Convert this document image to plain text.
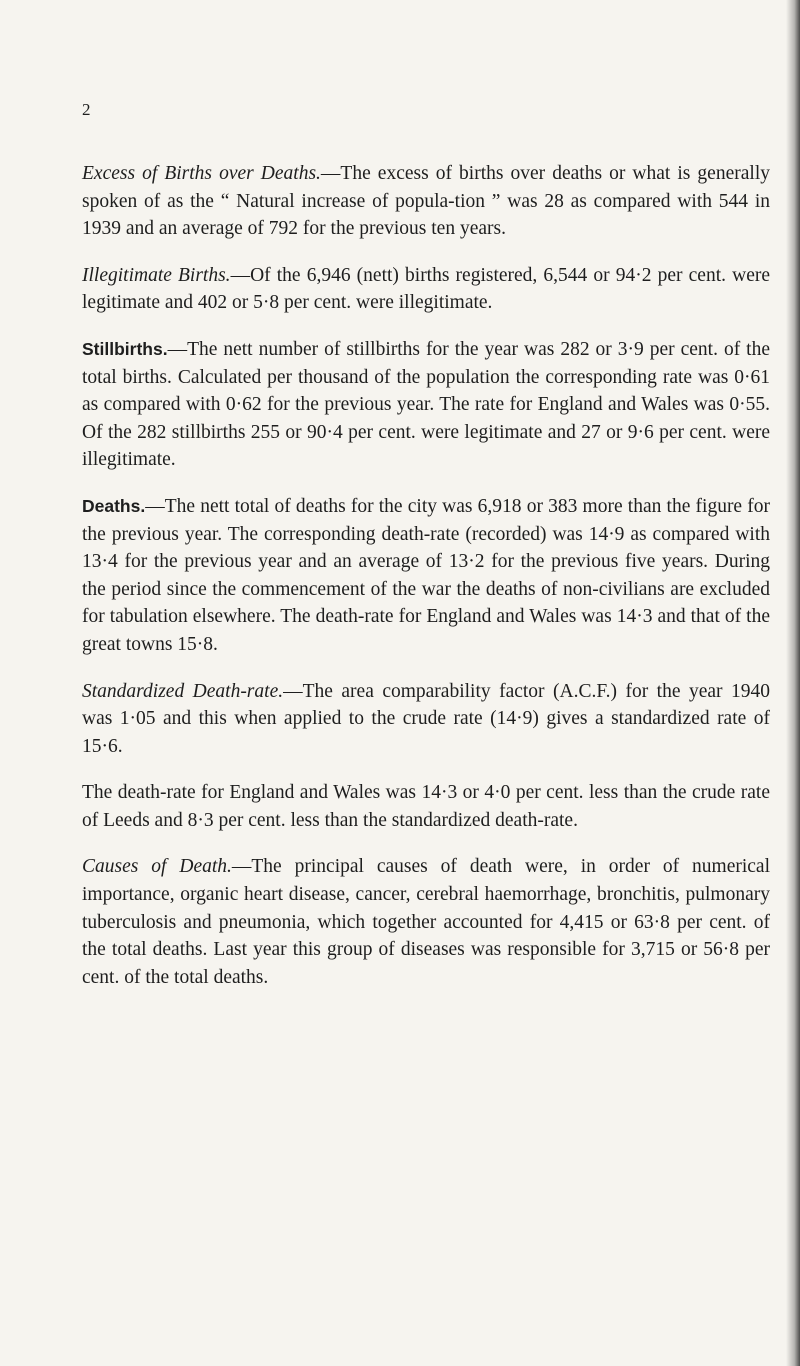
2

Excess of Births over Deaths.—The excess of births over deaths or what is generally spoken of as the “ Natural increase of popula-tion ” was 28 as compared with 544 in 1939 and an average of 792 for the previous ten years.

Illegitimate Births.—Of the 6,946 (nett) births registered, 6,544 or 94·2 per cent. were legitimate and 402 or 5·8 per cent. were illegitimate.

Stillbirths.—The nett number of stillbirths for the year was 282 or 3·9 per cent. of the total births. Calculated per thousand of the population the corresponding rate was 0·61 as compared with 0·62 for the previous year. The rate for England and Wales was 0·55. Of the 282 stillbirths 255 or 90·4 per cent. were legitimate and 27 or 9·6 per cent. were illegitimate.

Deaths.—The nett total of deaths for the city was 6,918 or 383 more than the figure for the previous year. The corresponding death-rate (recorded) was 14·9 as compared with 13·4 for the previous year and an average of 13·2 for the previous five years. During the period since the commencement of the war the deaths of non-civilians are excluded for tabulation elsewhere. The death-rate for England and Wales was 14·3 and that of the great towns 15·8.

Standardized Death-rate.—The area comparability factor (A.C.F.) for the year 1940 was 1·05 and this when applied to the crude rate (14·9) gives a standardized rate of 15·6.

The death-rate for England and Wales was 14·3 or 4·0 per cent. less than the crude rate of Leeds and 8·3 per cent. less than the standardized death-rate.

Causes of Death.—The principal causes of death were, in order of numerical importance, organic heart disease, cancer, cerebral haemorrhage, bronchitis, pulmonary tuberculosis and pneumonia, which together accounted for 4,415 or 63·8 per cent. of the total deaths. Last year this group of diseases was responsible for 3,715 or 56·8 per cent. of the total deaths.
